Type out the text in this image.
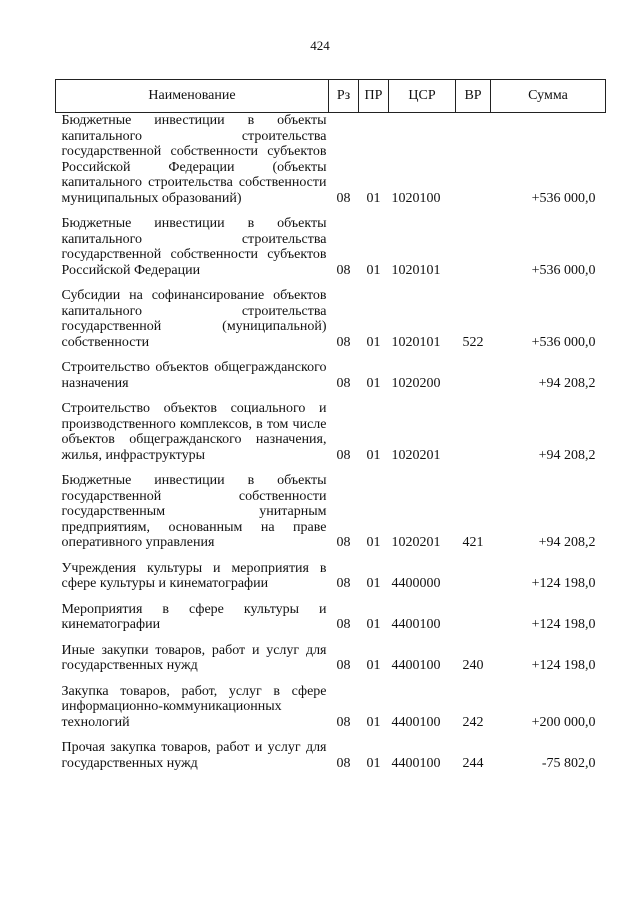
424
Наименование	Рз	ПР	ЦСР	ВР	Сумма
Бюджетные инвестиции в объекты капитального строительства государственной собственности субъектов Российской Федерации (объекты капитального строительства собственности муниципальных образований)	08	01	1020100		+536 000,0

Бюджетные инвестиции в объекты капитального строительства государственной собственности субъектов Российской Федерации	08	01	1020101		+536 000,0

Субсидии на софинансирование объектов капитального строительства государственной (муниципальной) собственности	08	01	1020101	522	+536 000,0

Строительство объектов общегражданского назначения	08	01	1020200		+94 208,2

Строительство объектов социального и производственного комплексов, в том числе объектов общегражданского назначения, жилья, инфраструктуры	08	01	1020201		+94 208,2

Бюджетные инвестиции в объекты государственной собственности государственным унитарным предприятиям, основанным на праве оперативного управления	08	01	1020201	421	+94 208,2

Учреждения культуры и мероприятия в сфере культуры и кинематографии	08	01	4400000		+124 198,0

Мероприятия в сфере культуры и кинематографии	08	01	4400100		+124 198,0

Иные закупки товаров, работ и услуг для государственных нужд	08	01	4400100	240	+124 198,0

Закупка товаров, работ, услуг в сфере информационно-коммуникационных технологий	08	01	4400100	242	+200 000,0

Прочая закупка товаров, работ и услуг для государственных нужд	08	01	4400100	244	-75 802,0
